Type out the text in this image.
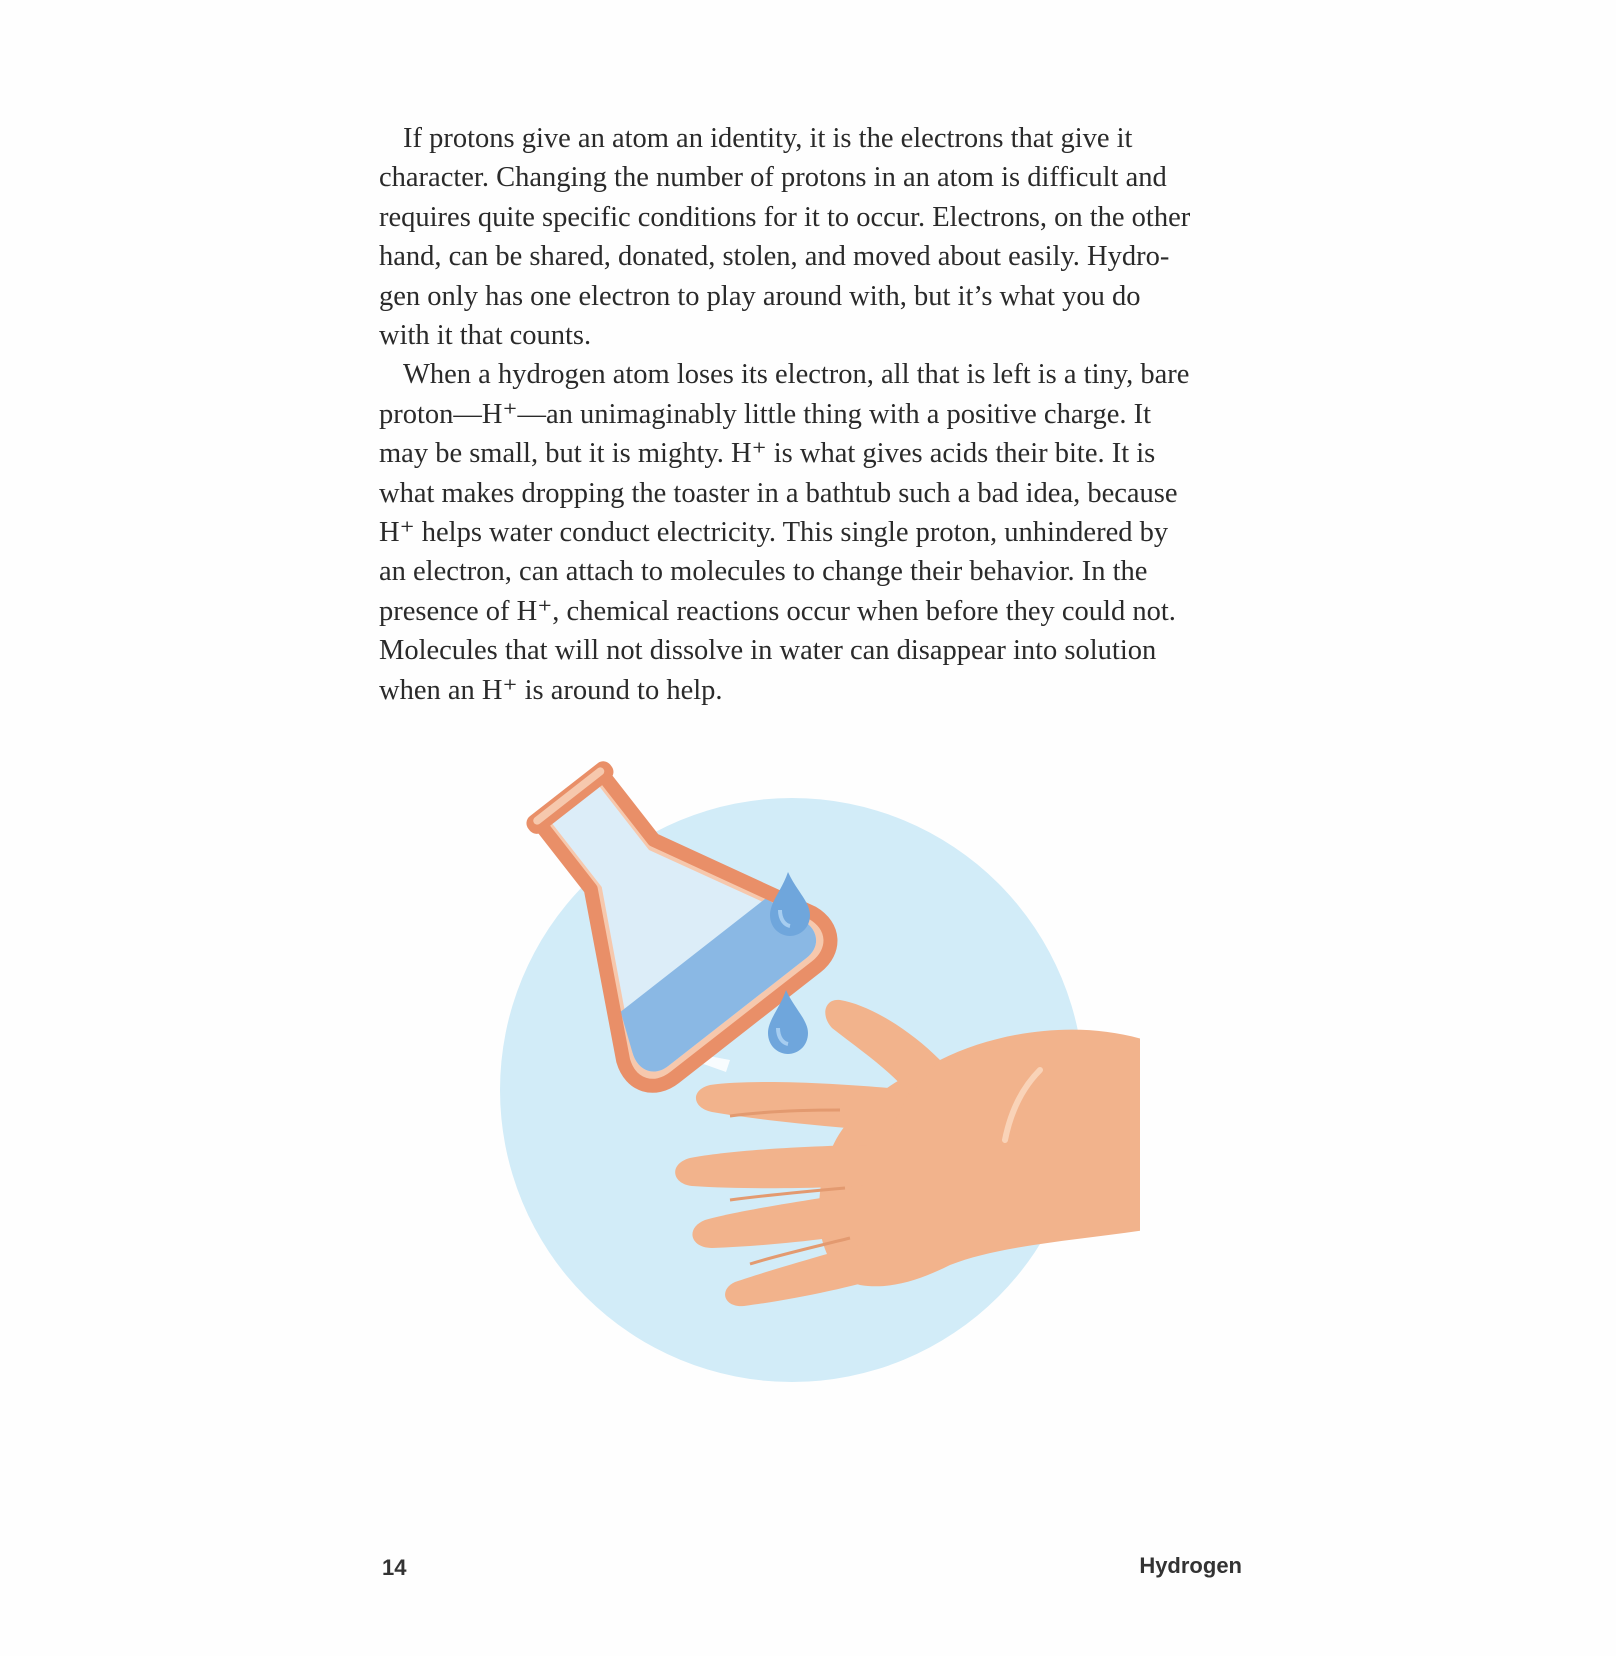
If protons give an atom an identity, it is the electrons that give it
character. Changing the number of protons in an atom is difficult and
requires quite specific conditions for it to occur. Electrons, on the other
hand, can be shared, donated, stolen, and moved about easily. Hydro-
gen only has one electron to play around with, but it’s what you do
with it that counts.

When a hydrogen atom loses its electron, all that is left is a tiny, bare
proton—H⁺—an unimaginably little thing with a positive charge. It
may be small, but it is mighty. H⁺ is what gives acids their bite. It is
what makes dropping the toaster in a bathtub such a bad idea, because
H⁺ helps water conduct electricity. This single proton, unhindered by
an electron, can attach to molecules to change their behavior. In the
presence of H⁺, chemical reactions occur when before they could not.
Molecules that will not dissolve in water can disappear into solution
when an H⁺ is around to help.

14	Hydrogen
